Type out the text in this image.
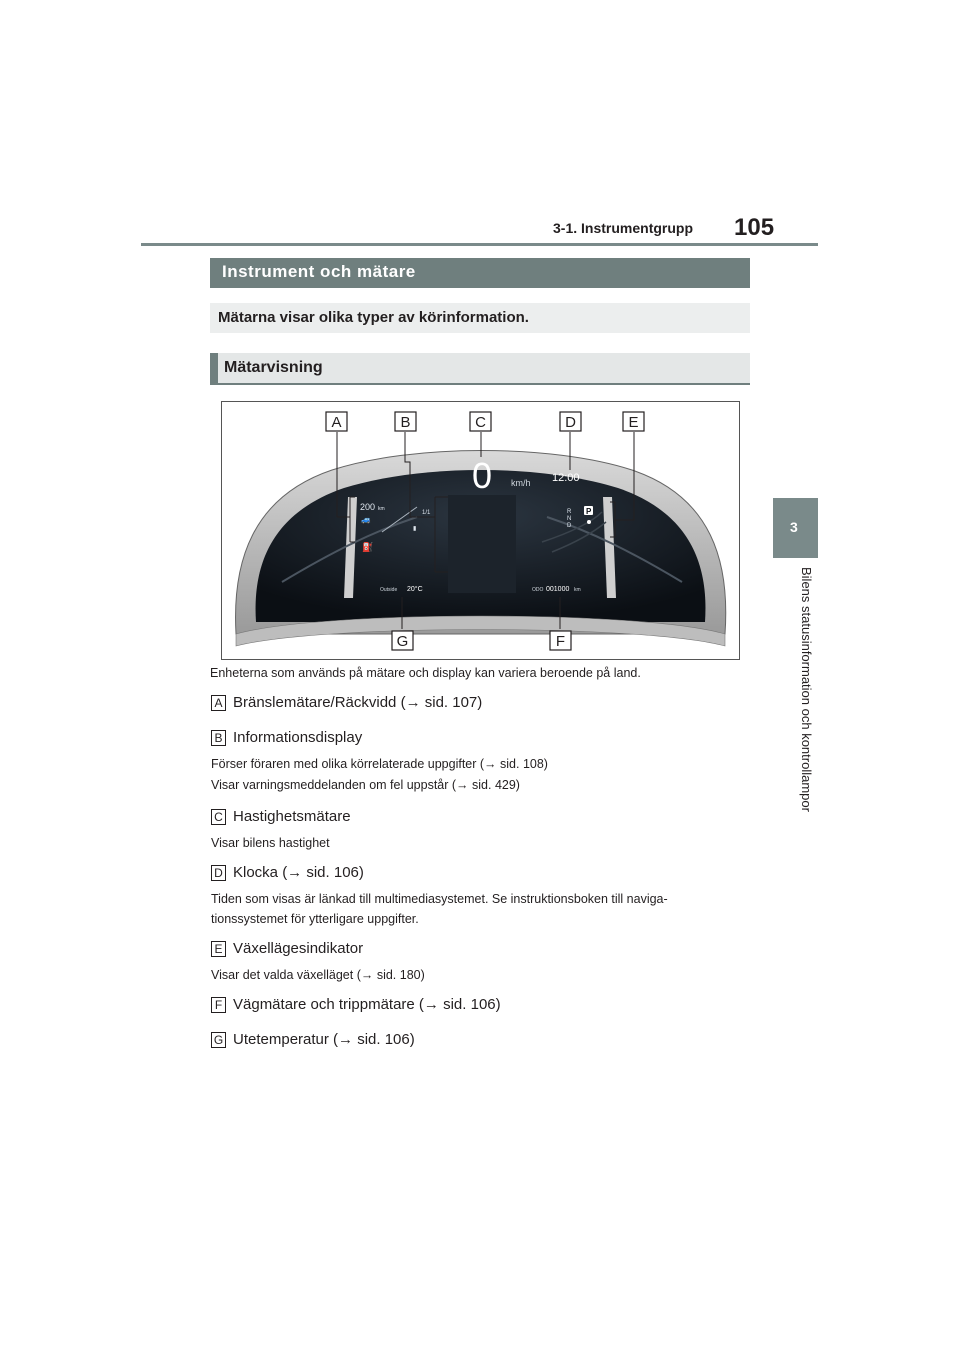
3-1. Instrumentgrupp 105
3
Bilens statusinformation och kontrollampor
Instrument och mätare
Mätarna visar olika typer av körinformation.
Mätarvisning
0 km/h 12:00
200 km
⛽
🚙
1/1
▮
R
N
D
P
Outside 20°C	ODO 001000 km
A	B	C	D	E
F
G
Enheterna som används på mätare och display kan variera beroende på land.
A Bränslemätare/Räckvidd (→ sid. 107)
B Informationsdisplay
Förser föraren med olika körrelaterade uppgifter (→ sid. 108)
Visar varningsmeddelanden om fel uppstår (→ sid. 429)
C Hastighetsmätare
Visar bilens hastighet
D Klocka (→ sid. 106)
Tiden som visas är länkad till multimediasystemet. Se instruktionsboken till naviga-
tionssystemet för ytterligare uppgifter.
E Växellägesindikator
Visar det valda växelläget (→ sid. 180)
F Vägmätare och trippmätare (→ sid. 106)
G Utetemperatur (→ sid. 106)
